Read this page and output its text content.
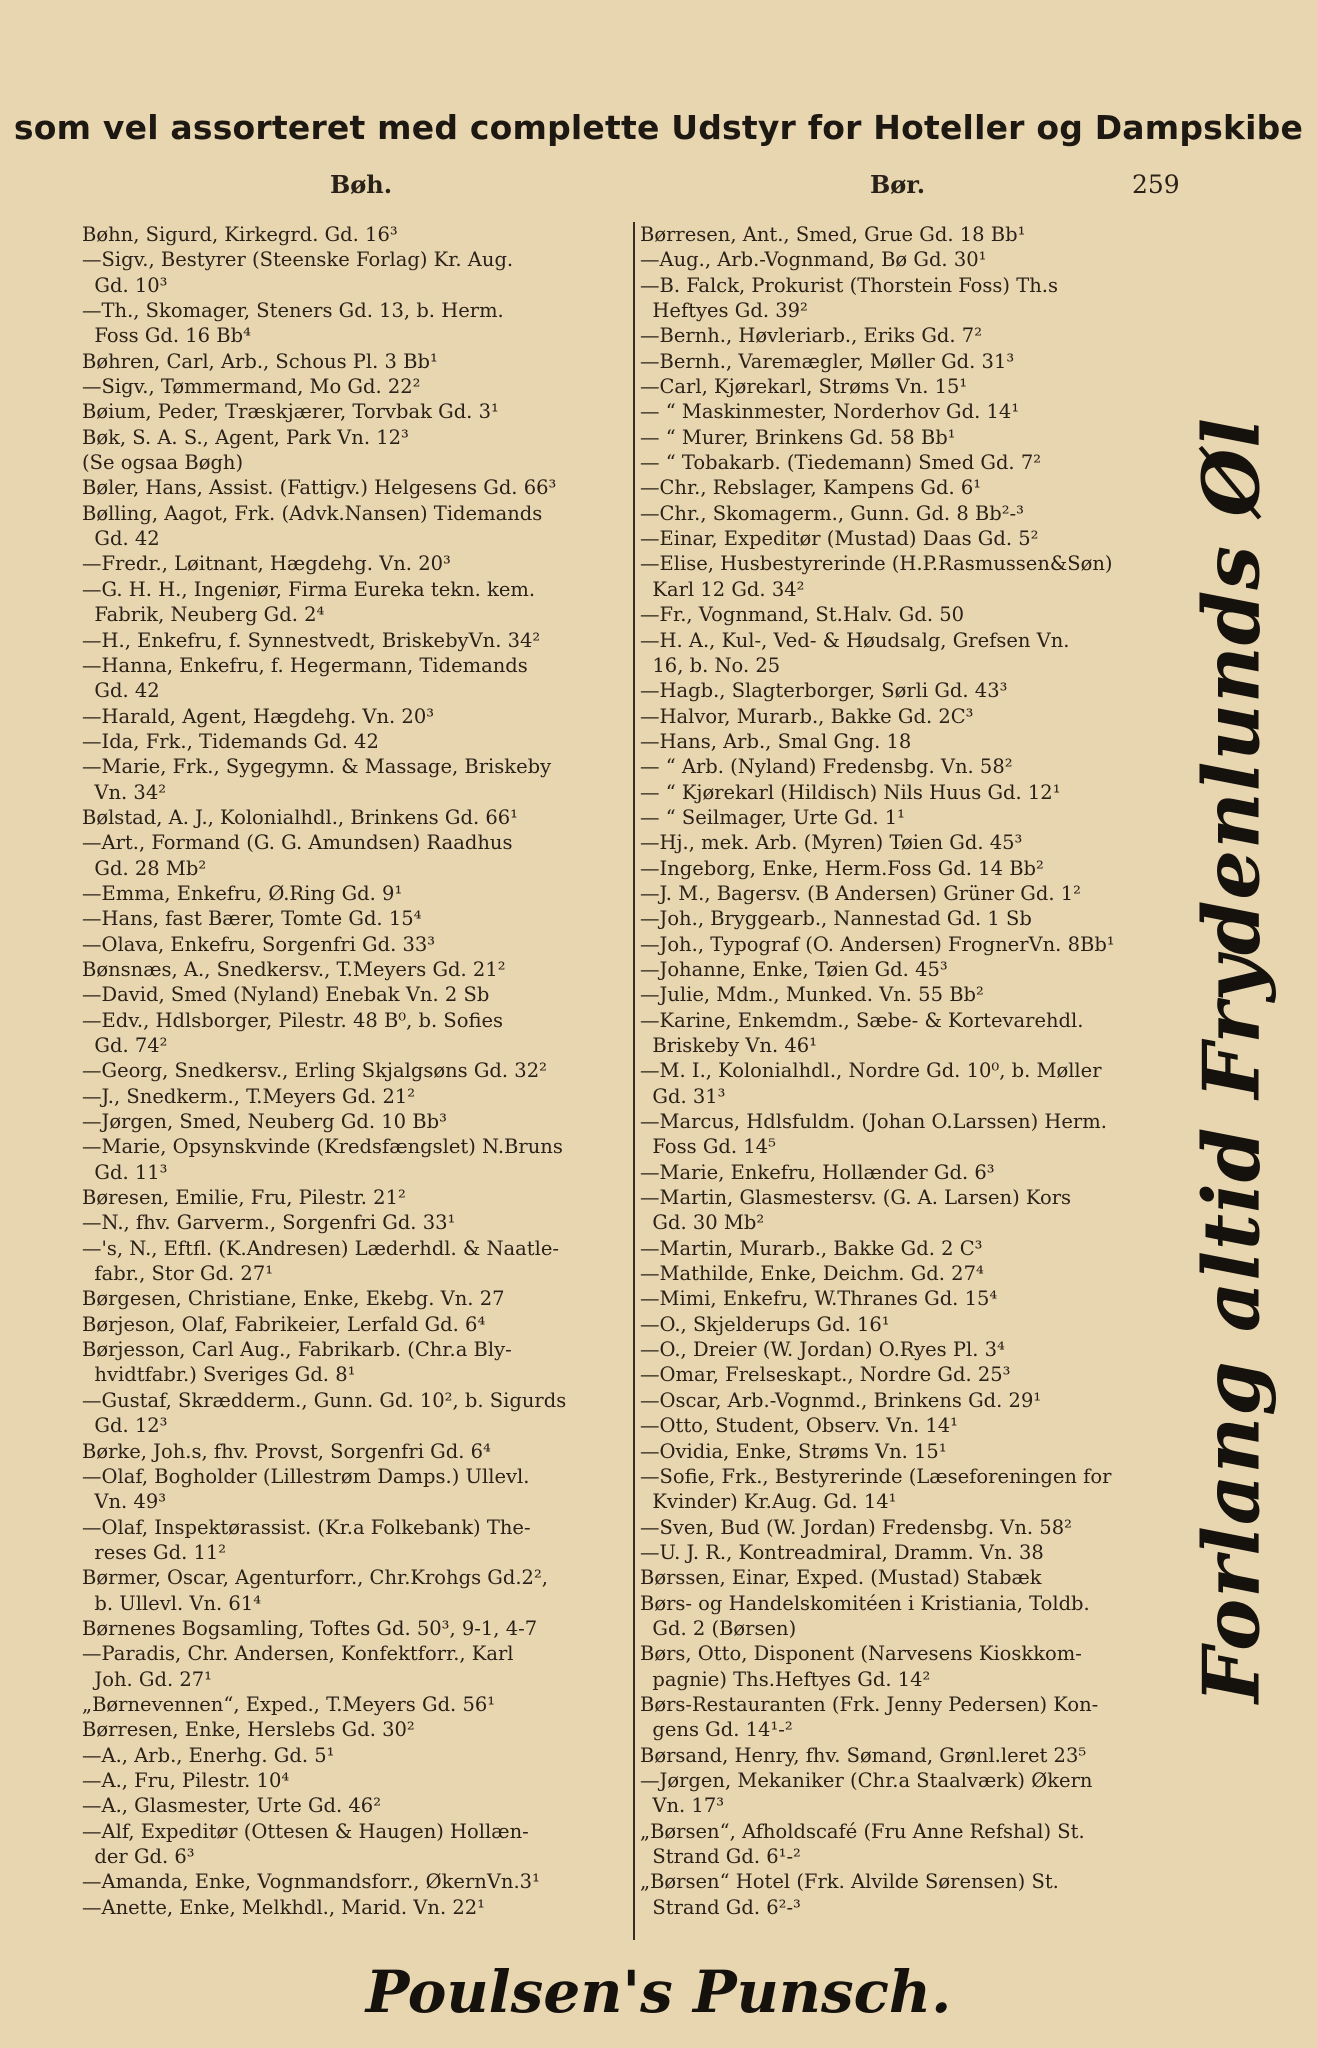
som vel assorteret med complette Udstyr for Hoteller og Dampskibe
Bøh.	Bør.	259
Bøhn, Sigurd, Kirkegrd. Gd. 16³
—Sigv., Bestyrer (Steenske Forlag) Kr. Aug.
Gd. 10³
—Th., Skomager, Steners Gd. 13, b. Herm.
Foss Gd. 16 Bb⁴
Bøhren, Carl, Arb., Schous Pl. 3 Bb¹
—Sigv., Tømmermand, Mo Gd. 22²
Bøium, Peder, Træskjærer, Torvbak Gd. 3¹
Bøk, S. A. S., Agent, Park Vn. 12³
(Se ogsaa Bøgh)
Bøler, Hans, Assist. (Fattigv.) Helgesens Gd. 66³
Bølling, Aagot, Frk. (Advk.Nansen) Tidemands
Gd. 42
—Fredr., Løitnant, Hægdehg. Vn. 20³
—G. H. H., Ingeniør, Firma Eureka tekn. kem.
Fabrik, Neuberg Gd. 2⁴
—H., Enkefru, f. Synnestvedt, BriskebyVn. 34²
—Hanna, Enkefru, f. Hegermann, Tidemands
Gd. 42
—Harald, Agent, Hægdehg. Vn. 20³
—Ida, Frk., Tidemands Gd. 42
—Marie, Frk., Sygegymn. & Massage, Briskeby
Vn. 34²
Bølstad, A. J., Kolonialhdl., Brinkens Gd. 66¹
—Art., Formand (G. G. Amundsen) Raadhus
Gd. 28 Mb²
—Emma, Enkefru, Ø.Ring Gd. 9¹
—Hans, fast Bærer, Tomte Gd. 15⁴
—Olava, Enkefru, Sorgenfri Gd. 33³
Bønsnæs, A., Snedkersv., T.Meyers Gd. 21²
—David, Smed (Nyland) Enebak Vn. 2 Sb
—Edv., Hdlsborger, Pilestr. 48 B⁰, b. Sofies
Gd. 74²
—Georg, Snedkersv., Erling Skjalgsøns Gd. 32²
—J., Snedkerm., T.Meyers Gd. 21²
—Jørgen, Smed, Neuberg Gd. 10 Bb³
—Marie, Opsynskvinde (Kredsfængslet) N.Bruns
Gd. 11³
Børesen, Emilie, Fru, Pilestr. 21²
—N., fhv. Garverm., Sorgenfri Gd. 33¹
—'s, N., Eftfl. (K.Andresen) Læderhdl. & Naatle-
fabr., Stor Gd. 27¹
Børgesen, Christiane, Enke, Ekebg. Vn. 27
Børjeson, Olaf, Fabrikeier, Lerfald Gd. 6⁴
Børjesson, Carl Aug., Fabrikarb. (Chr.a Bly-
hvidtfabr.) Sveriges Gd. 8¹
—Gustaf, Skrædderm., Gunn. Gd. 10², b. Sigurds
Gd. 12³
Børke, Joh.s, fhv. Provst, Sorgenfri Gd. 6⁴
—Olaf, Bogholder (Lillestrøm Damps.) Ullevl.
Vn. 49³
—Olaf, Inspektørassist. (Kr.a Folkebank) The-
reses Gd. 11²
Børmer, Oscar, Agenturforr., Chr.Krohgs Gd.2²,
b. Ullevl. Vn. 61⁴
Børnenes Bogsamling, Toftes Gd. 50³, 9-1, 4-7
—Paradis, Chr. Andersen, Konfektforr., Karl
Joh. Gd. 27¹
„Børnevennen“, Exped., T.Meyers Gd. 56¹
Børresen, Enke, Herslebs Gd. 30²
—A., Arb., Enerhg. Gd. 5¹
—A., Fru, Pilestr. 10⁴
—A., Glasmester, Urte Gd. 46²
—Alf, Expeditør (Ottesen & Haugen) Hollæn-
der Gd. 6³
—Amanda, Enke, Vognmandsforr., ØkernVn.3¹
—Anette, Enke, Melkhdl., Marid. Vn. 22¹
Børresen, Ant., Smed, Grue Gd. 18 Bb¹
—Aug., Arb.-Vognmand, Bø Gd. 30¹
—B. Falck, Prokurist (Thorstein Foss) Th.s
Heftyes Gd. 39²
—Bernh., Høvleriarb., Eriks Gd. 7²
—Bernh., Varemægler, Møller Gd. 31³
—Carl, Kjørekarl, Strøms Vn. 15¹
— “ Maskinmester, Norderhov Gd. 14¹
— “ Murer, Brinkens Gd. 58 Bb¹
— “ Tobakarb. (Tiedemann) Smed Gd. 7²
—Chr., Rebslager, Kampens Gd. 6¹
—Chr., Skomagerm., Gunn. Gd. 8 Bb²-³
—Einar, Expeditør (Mustad) Daas Gd. 5²
—Elise, Husbestyrerinde (H.P.Rasmussen&Søn)
Karl 12 Gd. 34²
—Fr., Vognmand, St.Halv. Gd. 50
—H. A., Kul-, Ved- & Høudsalg, Grefsen Vn.
16, b. No. 25
—Hagb., Slagterborger, Sørli Gd. 43³
—Halvor, Murarb., Bakke Gd. 2C³
—Hans, Arb., Smal Gng. 18
— “ Arb. (Nyland) Fredensbg. Vn. 58²
— “ Kjørekarl (Hildisch) Nils Huus Gd. 12¹
— “ Seilmager, Urte Gd. 1¹
—Hj., mek. Arb. (Myren) Tøien Gd. 45³
—Ingeborg, Enke, Herm.Foss Gd. 14 Bb²
—J. M., Bagersv. (B Andersen) Grüner Gd. 1²
—Joh., Bryggearb., Nannestad Gd. 1 Sb
—Joh., Typograf (O. Andersen) FrognerVn. 8Bb¹
—Johanne, Enke, Tøien Gd. 45³
—Julie, Mdm., Munked. Vn. 55 Bb²
—Karine, Enkemdm., Sæbe- & Kortevarehdl.
Briskeby Vn. 46¹
—M. I., Kolonialhdl., Nordre Gd. 10⁰, b. Møller
Gd. 31³
—Marcus, Hdlsfuldm. (Johan O.Larssen) Herm.
Foss Gd. 14⁵
—Marie, Enkefru, Hollænder Gd. 6³
—Martin, Glasmestersv. (G. A. Larsen) Kors
Gd. 30 Mb²
—Martin, Murarb., Bakke Gd. 2 C³
—Mathilde, Enke, Deichm. Gd. 27⁴
—Mimi, Enkefru, W.Thranes Gd. 15⁴
—O., Skjelderups Gd. 16¹
—O., Dreier (W. Jordan) O.Ryes Pl. 3⁴
—Omar, Frelseskapt., Nordre Gd. 25³
—Oscar, Arb.-Vognmd., Brinkens Gd. 29¹
—Otto, Student, Observ. Vn. 14¹
—Ovidia, Enke, Strøms Vn. 15¹
—Sofie, Frk., Bestyrerinde (Læseforeningen for
Kvinder) Kr.Aug. Gd. 14¹
—Sven, Bud (W. Jordan) Fredensbg. Vn. 58²
—U. J. R., Kontreadmiral, Dramm. Vn. 38
Børssen, Einar, Exped. (Mustad) Stabæk
Børs- og Handelskomitéen i Kristiania, Toldb.
Gd. 2 (Børsen)
Børs, Otto, Disponent (Narvesens Kioskkom-
pagnie) Ths.Heftyes Gd. 14²
Børs-Restauranten (Frk. Jenny Pedersen) Kon-
gens Gd. 14¹-²
Børsand, Henry, fhv. Sømand, Grønl.leret 23⁵
—Jørgen, Mekaniker (Chr.a Staalværk) Økern
Vn. 17³
„Børsen“, Afholdscafé (Fru Anne Refshal) St.
Strand Gd. 6¹-²
„Børsen“ Hotel (Frk. Alvilde Sørensen) St.
Strand Gd. 6²-³
Forlang altid Frydenlunds Øl
Poulsen's Punsch.
